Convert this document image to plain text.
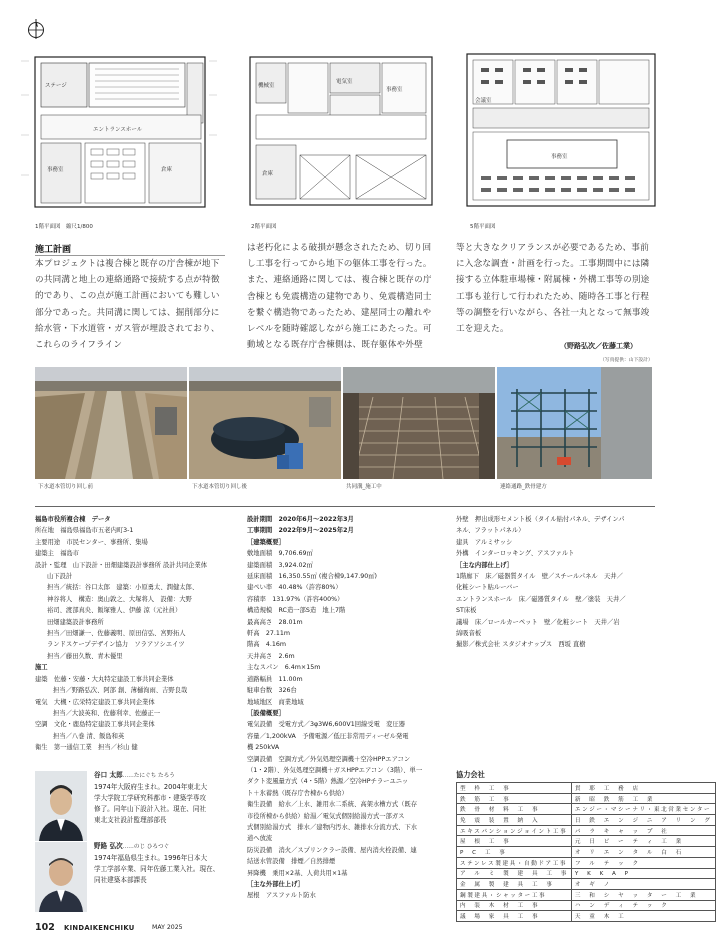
ステージ
エントランスホール
倉庫
事務室
1階平面図　縮尺1/800
機械室
電気室
事務室
倉庫
2階平面図
会議室
事務室
5階平面図
施工計画
本プロジェクトは複合棟と既存の庁舎棟が地下の共同溝と地上の連絡通路で接続する点が特徴的であり、この点が施工計画においても難しい部分であった。共同溝に関しては、掘削部分に給水管・下水道管・ガス管が埋設されており、これらのライフライン
は老朽化による破損が懸念されたため、切り回し工事を行ってから地下の躯体工事を行った。また、連絡通路に関しては、複合棟と既存の庁舎棟とも免震構造の建物であり、免震構造同士を繋ぐ構造物であったため、建屋同士の離れやレベルを随時確認しながら施工にあたった。可動域となる既存庁舎棟側は、既存躯体や外壁
等と大きなクリアランスが必要であるため、事前に入念な調査・計画を行った。工事期間中には隣接する立体駐車場棟・附属棟・外構工事等の別途工事も並行して行われたため、随時各工事と行程等の調整を行いながら、各社一丸となって無事竣工を迎えた。
（野路弘次／佐藤工業）
（写真提供：山下設計）
下水道本管切り回し前	下水道本管切り回し後	共同溝_施工中	連絡通路_鉄骨建方
福島市役所複合棟　データ
所在地　福島県福島市五老内町3-1
主要用途　市民センター、事務所、集場
建築主　福島市
設計・監理　山下設計・田畑建築設計事務所 設計共同企業体
山下設計
担当／統括：谷口太郎　建築：小原勇太、潤健太郎、
神谷将人　構造：奥山敦之、大塚将人　設備：大野
裕司、渡部真央、飯塚雅人、伊藤 涼（元社員）
田畑建築設計事務所
担当／田畑謙一、佐藤義明、原田信弘、宮野拓人
ランドスケープデザイン協力　ソラアソシエイツ
担当／藤田久数、青木優里
施工
建築　佐藤・安藤・大丸特定建設工事共同企業体
担当／野路弘次、阿部 創、薄樋洵雨、吉野良哉
電気　大槻・広栄特定建設工事共同企業体
担当／大波英和、佐藤利幸、佐藤正一
空調　文化・鹿島特定建設工事共同企業体
担当／八巻 清、飯島和英
衛生　第一通信工業　担当／杉山 健
設計期間　2020年6月～2022年3月
工事期間　2022年9月～2025年2月
［建築概要］
敷地面積　9,706.69㎡
建築面積　3,924.02㎡
延床面積　16,350.55㎡ (複合棟9,147.90㎡)
建ぺい率　40.48%（許容80%）
容積率　131.97%（許容400%）
構造規模　RC造一部S造　地上7階
最高高さ　28.01m
軒高　27.11m
階高　4.16m
天井高さ　2.6m
主なスパン　6.4m×15m
道路幅員　11.00m
駐車台数　326台
地域地区　商業地域
［設備概要］
電気設備　受電方式／3φ3W6,600V1回線受電　変圧器
容量／1,200kVA　予備電源／低圧非常用ディーゼル発電
機 250kVA
空調設備　空調方式／外気処理空調機＋空冷HPPエアコン
（1・2階）、外気処理空調機＋ガスHPPエアコン（3階）、単一
ダクト変風量方式（4・5階）熱源／空冷HPチラーユニッ
ト＋氷蓄熱（既存庁舎棟から供給）
衛生設備　給水／上水、雑用水二系統、高架水槽方式（既存
市役所棟から供給）給湯／電気式個別給湯方式一部ガス
式個別給湯方式　排水／建物内汚水、雑排水分流方式、下水
道へ放流
防災設備　消火／スプリンクラー設備、屋内消火栓設備、連
結送水管設備　排煙／自然排煙
昇降機　乗用×2基、人荷共用×1基
［主な外部仕上げ］
屋根　アスファルト防水
外壁　押出成形セメント板（タイル貼付パネル、デザインパ
ネル、フラットパネル）
建具　アルミサッシ
外構　インターロッキング、アスファルト
［主な内部仕上げ］
1階廊下　床／磁器質タイル　壁／スチールパネル　天井／
化粧シート貼ルーバー
エントランスホール　床／磁器質タイル　壁／塗装　天井／
ST床板
議場　床／ロールカーペット　壁／化粧シート　天井／岩
綿吸音板
撮影／株式会社 スタジオナップス　西坂 直樹
谷口 太郎……たにぐち たろう
1974年大阪府生まれ。2004年東北大
学大学院工学研究科都市・建築学専攻
修了。同年山下設計入社。現在、同社
東北支社設計監理部部長
野路 弘次……のじ ひろつぐ
1974年福島県生まれ。1996年日本大
学工学部卒業、同年佐藤工業入社。現在、
同社建築本部課長
協力会社
型　枠　工　事	貫　耶　工　務　店
鉄　筋　工　事	新　昭　鉄　筋　工　業
鉄　骨　材　料　工　事	エンジー・マシーナリ・東北営業センター
免　震　装　置　納　入	日　鉄　エ　ン　ジ　ニ　ア　リ　ン　グ
エキスパンションジョイント工事	パ　ラ　キ　ャ　ッ　プ　社
屋　根　工　事	元　日　ビ　ー　テ　ィ　工　業
P　C　工　事	オ　リ　エ　ン　タ　ル　白　石
ステンレス製建具・自動ドア工事	フ　ル　テ　ッ　ク
ア　ル　ミ　製　建　具　工　事	Y　K　K　A　P
金　属　製　建　具　工　事	オ　ギ　ノ
鋼製建具・シャッター工事	三　和　シ　ヤ　ッ　タ　ー　工　業
内　装　木　材　工　事	ハ　ン　デ　ィ　テ　ッ　ク
議　場　家　具　工　事	天　童　木　工
102 KINDAIKENCHIKU	MAY 2025
